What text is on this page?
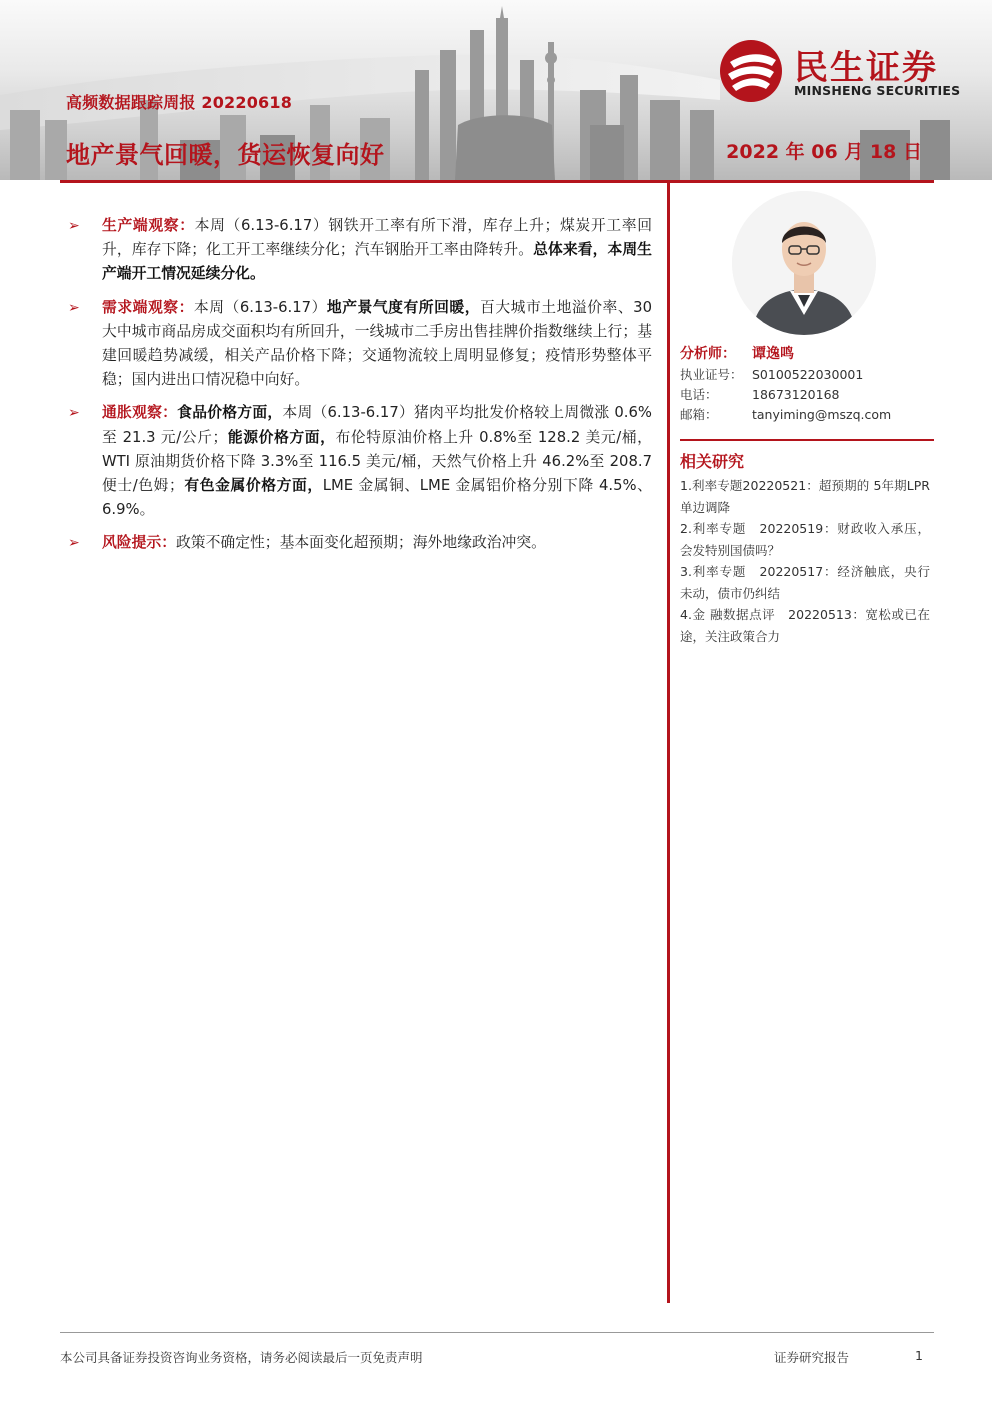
高频数据跟踪周报 20220618
地产景气回暖，货运恢复向好	2022 年 06 月 18 日
民生证券
MINSHENG SECURITIES
➢ 生产端观察：本周（6.13-6.17）钢铁开工率有所下滑，库存上升；煤炭开工率回升，库存下降；化工开工率继续分化；汽车钢胎开工率由降转升。总体来看，本周生产端开工情况延续分化。
➢ 需求端观察：本周（6.13-6.17）地产景气度有所回暖，百大城市土地溢价率、30 大中城市商品房成交面积均有所回升，一线城市二手房出售挂牌价指数继续上行；基建回暖趋势减缓，相关产品价格下降；交通物流较上周明显修复；疫情形势整体平稳；国内进出口情况稳中向好。
➢ 通胀观察：食品价格方面，本周（6.13-6.17）猪肉平均批发价格较上周微涨 0.6%至 21.3 元/公斤；能源价格方面，布伦特原油价格上升 0.8%至 128.2 美元/桶，WTI 原油期货价格下降 3.3%至 116.5 美元/桶，天然气价格上升 46.2%至 208.7 便士/色姆；有色金属价格方面，LME 金属铜、LME 金属铝价格分别下降 4.5%、6.9%。
➢ 风险提示：政策不确定性；基本面变化超预期；海外地缘政治冲突。
分析师：	谭逸鸣
执业证号： S0100522030001
电话：	18673120168
邮箱：	tanyiming@mszq.com
相关研究
1.利率专题20220521：超预期的 5年期LPR单边调降
2.利率专题　20220519：财政收入承压，会发特别国债吗？
3.利率专题　20220517：经济触底，央行未动，债市仍纠结
4.金 融数据点评　20220513：宽松或已在途，关注政策合力
本公司具备证券投资咨询业务资格，请务必阅读最后一页免责声明	证券研究报告	1
